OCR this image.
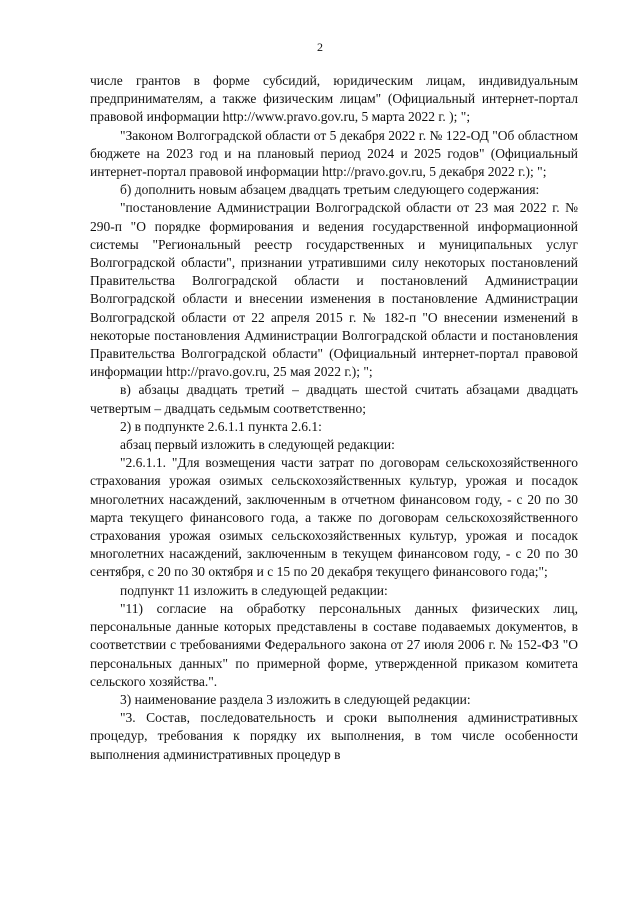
2

числе грантов в форме субсидий, юридическим лицам, индивидуальным предпринимателям, а также физическим лицам" (Официальный интернет-портал правовой информации http://www.pravo.gov.ru, 5 марта 2022 г. ); ";

"Законом Волгоградской области от 5 декабря 2022 г. № 122-ОД "Об областном бюджете на 2023 год и на плановый период 2024 и 2025 годов" (Официальный интернет-портал правовой информации http://pravo.gov.ru, 5 декабря 2022 г.); ";

б) дополнить новым абзацем двадцать третьим следующего содержания:

"постановление Администрации Волгоградской области от 23 мая 2022 г. № 290-п "О порядке формирования и ведения государственной информационной системы "Региональный реестр государственных и муниципальных услуг Волгоградской области", признании утратившими силу некоторых постановлений Правительства Волгоградской области и постановлений Администрации Волгоградской области и внесении изменения в постановление Администрации Волгоградской области от 22 апреля 2015 г. № 182-п "О внесении изменений в некоторые постановления Администрации Волгоградской области и постановления Правительства Волгоградской области" (Официальный интернет-портал правовой информации http://pravo.gov.ru, 25 мая 2022 г.); ";

в) абзацы двадцать третий – двадцать шестой считать абзацами двадцать четвертым – двадцать седьмым соответственно;

2) в подпункте 2.6.1.1 пункта 2.6.1:

абзац первый изложить в следующей редакции:

"2.6.1.1. "Для возмещения части затрат по договорам сельскохозяйственного страхования урожая озимых сельскохозяйственных культур, урожая и посадок многолетних насаждений, заключенным в отчетном финансовом году, - с 20 по 30 марта текущего финансового года, а также по договорам сельскохозяйственного страхования урожая озимых сельскохозяйственных культур, урожая и посадок многолетних насаждений, заключенным в текущем финансовом году, - с 20 по 30 сентября, с 20 по 30 октября и с 15 по 20 декабря текущего финансового года;";

подпункт 11 изложить в следующей редакции:

"11) согласие на обработку персональных данных физических лиц, персональные данные которых представлены в составе подаваемых документов, в соответствии с требованиями Федерального закона от 27 июля 2006 г. № 152-ФЗ "О персональных данных" по примерной форме, утвержденной приказом комитета сельского хозяйства.".

3) наименование раздела 3 изложить в следующей редакции:

"3. Состав, последовательность и сроки выполнения административных процедур, требования к порядку их выполнения, в том числе особенности выполнения административных процедур в
